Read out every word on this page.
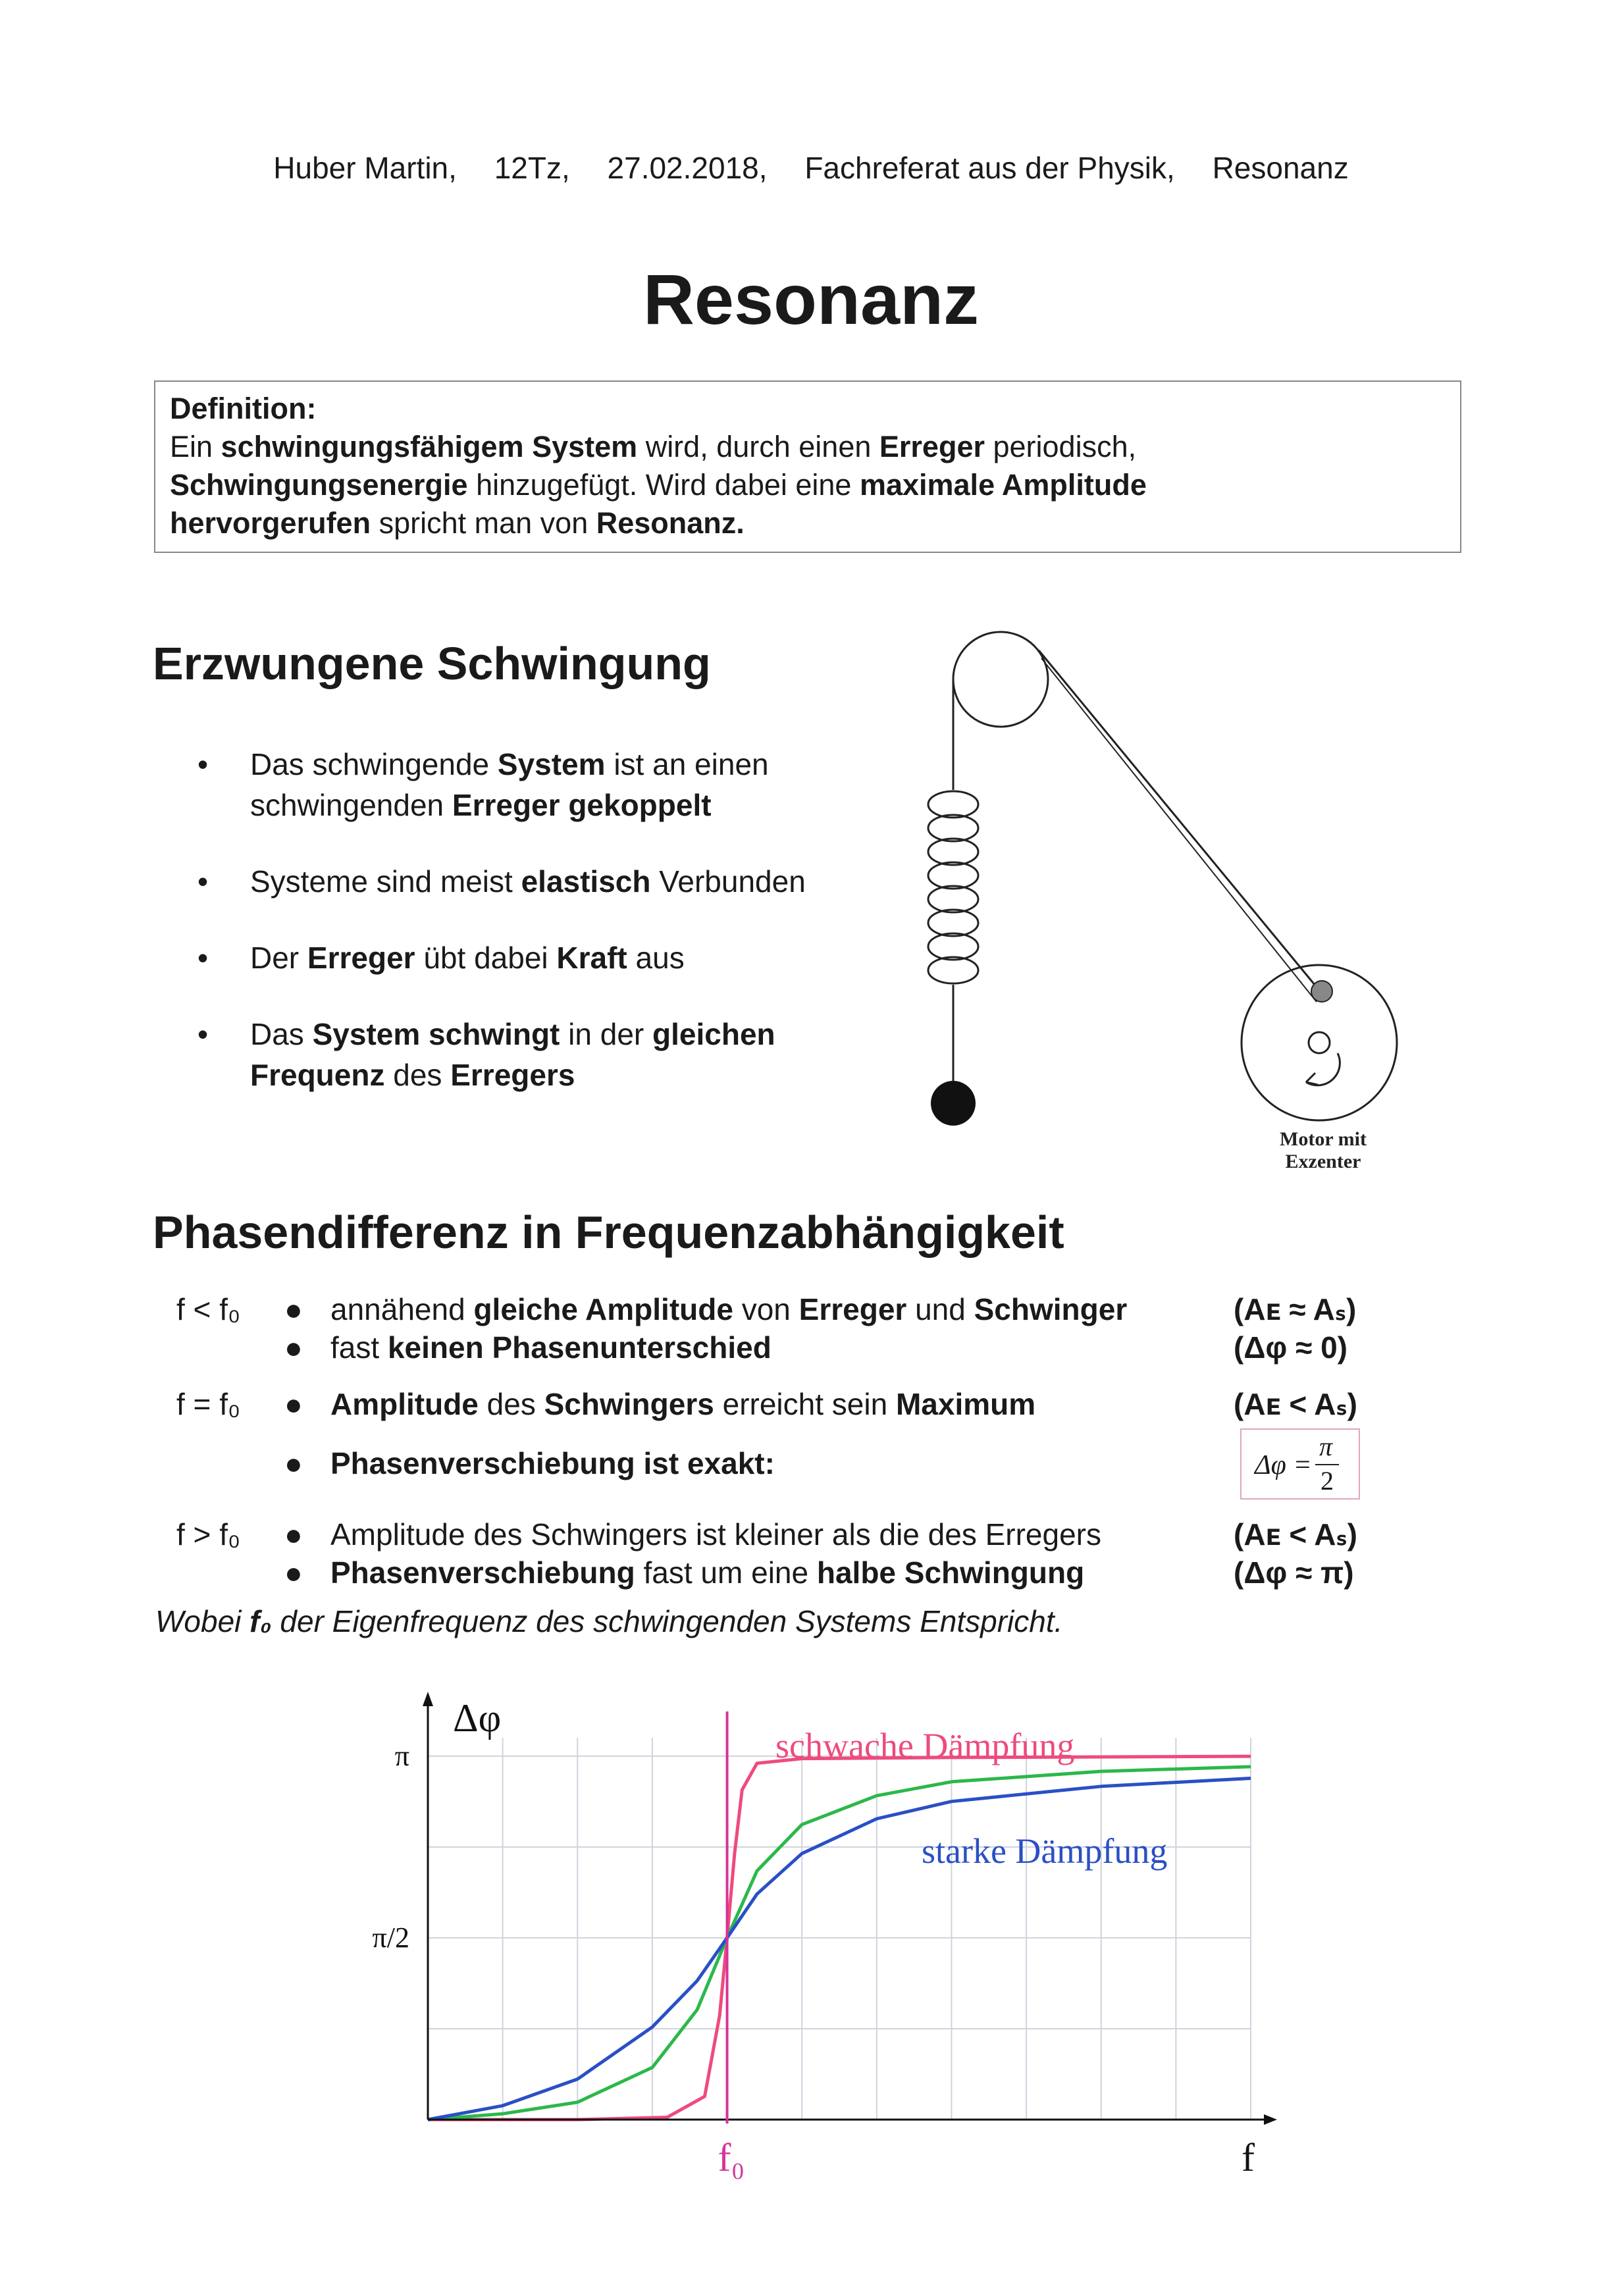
Huber Martin, 12Tz, 27.02.2018, Fachreferat aus der Physik, Resonanz
Resonanz
Definition:
Ein schwingungsfähigem System wird, durch einen Erreger periodisch,
Schwingungsenergie hinzugefügt. Wird dabei eine maximale Amplitude
hervorgerufen spricht man von Resonanz.
Erzwungene Schwingung
• Das schwingende System ist an einen
schwingenden Erreger gekoppelt
• Systeme sind meist elastisch Verbunden
• Der Erreger übt dabei Kraft aus
• Das System schwingt in der gleichen
Frequenz des Erregers
Motor mit
Exzenter
Phasendifferenz in Frequenzabhängigkeit
f < f₀ ● annähend gleiche Amplitude von Erreger und Schwinger	(Aᴇ ≈ Aₛ)
● fast keinen Phasenunterschied	(Δφ ≈ 0)
f = f₀ ● Amplitude des Schwingers erreicht sein Maximum	(Aᴇ < Aₛ)
● Phasenverschiebung ist exakt:	Δφ =
π
2
f > f₀ ● Amplitude des Schwingers ist kleiner als die des Erregers	(Aᴇ < Aₛ)
● Phasenverschiebung fast um eine halbe Schwingung	(Δφ ≈ π)
Wobei f₀ der Eigenfrequenz des schwingenden Systems Entspricht.
schwache Dämpfung
starke Dämpfung
Δφ
f
π/2
π
f₀
